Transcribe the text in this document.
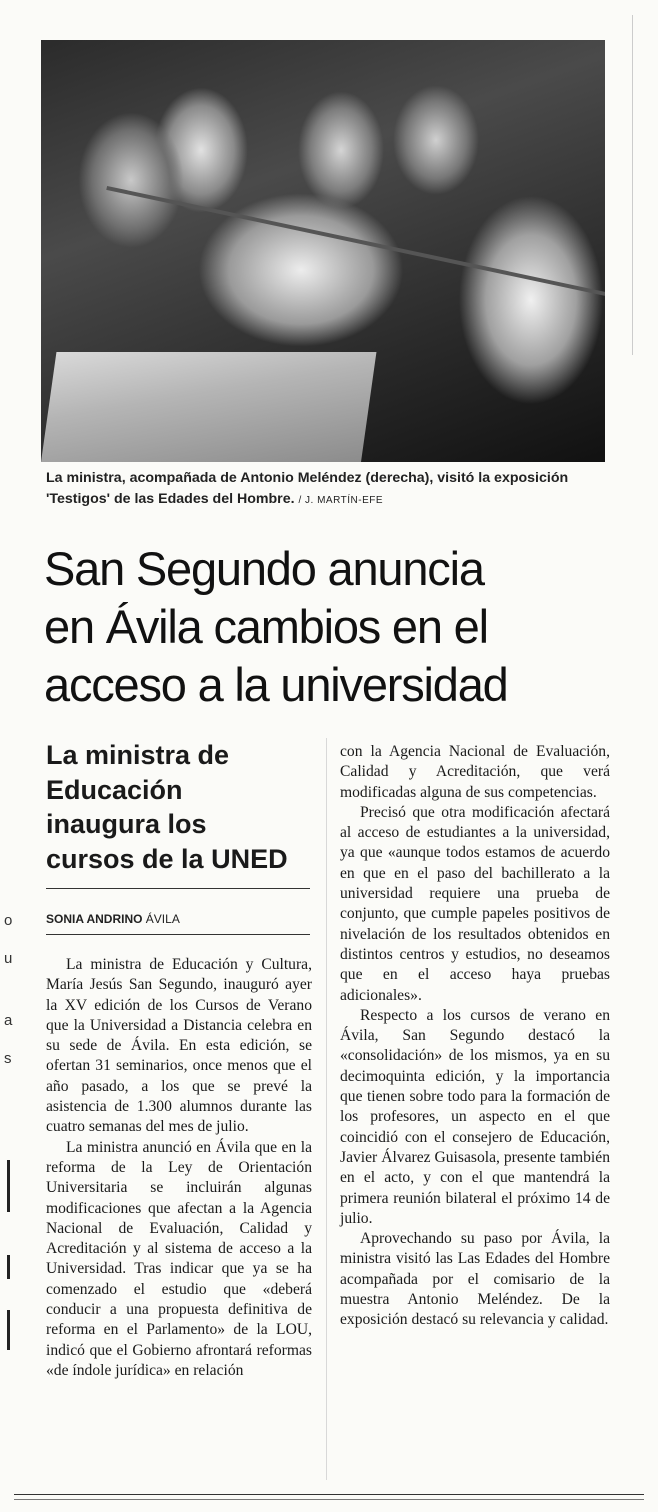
La ministra, acompañada de Antonio Meléndez (derecha), visitó la exposición 'Testigos' de las Edades del Hombre. / J. MARTÍN-EFE
San Segundo anuncia
en Ávila cambios en el
acceso a la universidad
La ministra de
Educación
inaugura los
cursos de la UNED
SONIA ANDRINO ÁVILA

La ministra de Educación y Cultura, María Jesús San Segundo, inauguró ayer la XV edición de los Cursos de Verano que la Universidad a Distancia celebra en su sede de Ávila. En esta edición, se ofertan 31 seminarios, once menos que el año pasado, a los que se prevé la asistencia de 1.300 alumnos durante las cuatro semanas del mes de julio.

La ministra anunció en Ávila que en la reforma de la Ley de Orientación Universitaria se incluirán algunas modificaciones que afectan a la Agencia Nacional de Evaluación, Calidad y Acreditación y al sistema de acceso a la Universidad. Tras indicar que ya se ha comenzado el estudio que «deberá conducir a una propuesta definitiva de reforma en el Parlamento» de la LOU, indicó que el Gobierno afrontará reformas «de índole jurídica» en relación

con la Agencia Nacional de Evaluación, Calidad y Acreditación, que verá modificadas alguna de sus competencias.

Precisó que otra modificación afectará al acceso de estudiantes a la universidad, ya que «aunque todos estamos de acuerdo en que en el paso del bachillerato a la universidad requiere una prueba de conjunto, que cumple papeles positivos de nivelación de los resultados obtenidos en distintos centros y estudios, no deseamos que en el acceso haya pruebas adicionales».

Respecto a los cursos de verano en Ávila, San Segundo destacó la «consolidación» de los mismos, ya en su decimoquinta edición, y la importancia que tienen sobre todo para la formación de los profesores, un aspecto en el que coincidió con el consejero de Educación, Javier Álvarez Guisasola, presente también en el acto, y con el que mantendrá la primera reunión bilateral el próximo 14 de julio.

Aprovechando su paso por Ávila, la ministra visitó las Las Edades del Hombre acompañada por el comisario de la muestra Antonio Meléndez. De la exposición destacó su relevancia y calidad.

o
u
a
s
